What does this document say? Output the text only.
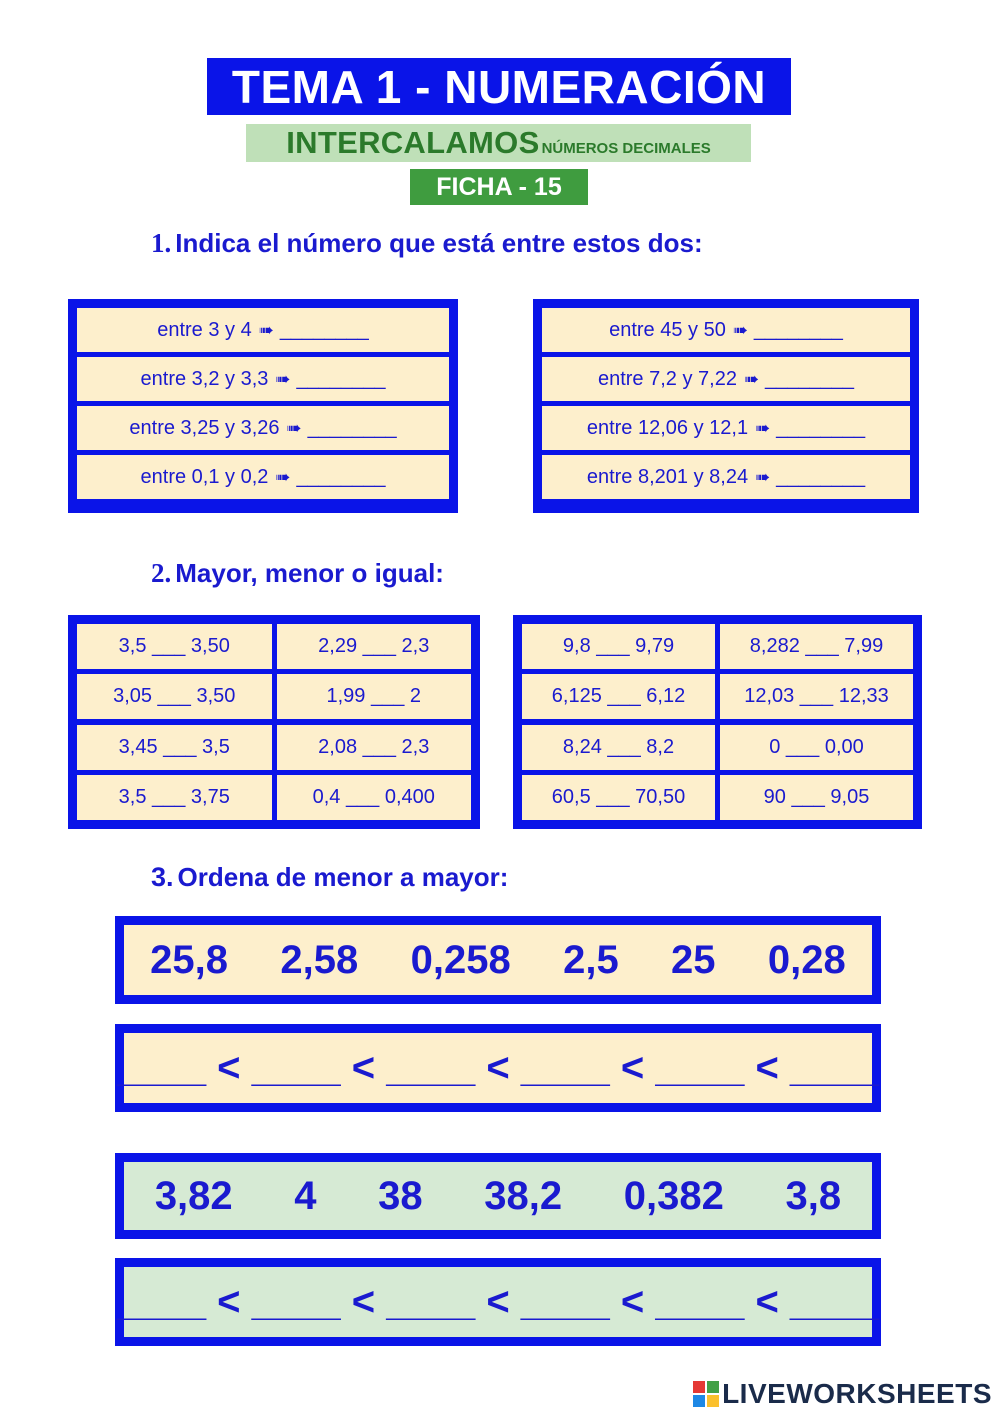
TEMA 1 - NUMERACIÓN
INTERCALAMOS NÚMEROS DECIMALES
FICHA - 15
1. Indica el número que está entre estos dos:
entre 3 y 4 ➠ ________
entre 3,2 y 3,3 ➠ ________
entre 3,25 y 3,26 ➠ ________
entre 0,1 y 0,2 ➠ ________
entre 45 y 50 ➠ ________
entre 7,2 y 7,22 ➠ ________
entre 12,06 y 12,1 ➠ ________
entre 8,201 y 8,24 ➠ ________
2. Mayor, menor o igual:
3,5 ___ 3,50	2,29 ___ 2,3
3,05 ___ 3,50	1,99 ___ 2
3,45 ___ 3,5	2,08 ___ 2,3
3,5 ___ 3,75	0,4 ___ 0,400
9,8 ___ 9,79	8,282 ___ 7,99
6,125 ___ 6,12	12,03 ___ 12,33
8,24 ___ 8,2	0 ___ 0,00
60,5 ___ 70,50	90 ___ 9,05
3. Ordena de menor a mayor:
25,8 2,58 0,258 2,5 25 0,28
____ < ____ < ____ < ____ < ____ < ____
3,82 4 38 38,2 0,382 3,8
____ < ____ < ____ < ____ < ____ < ____
LIVEWORKSHEETS
